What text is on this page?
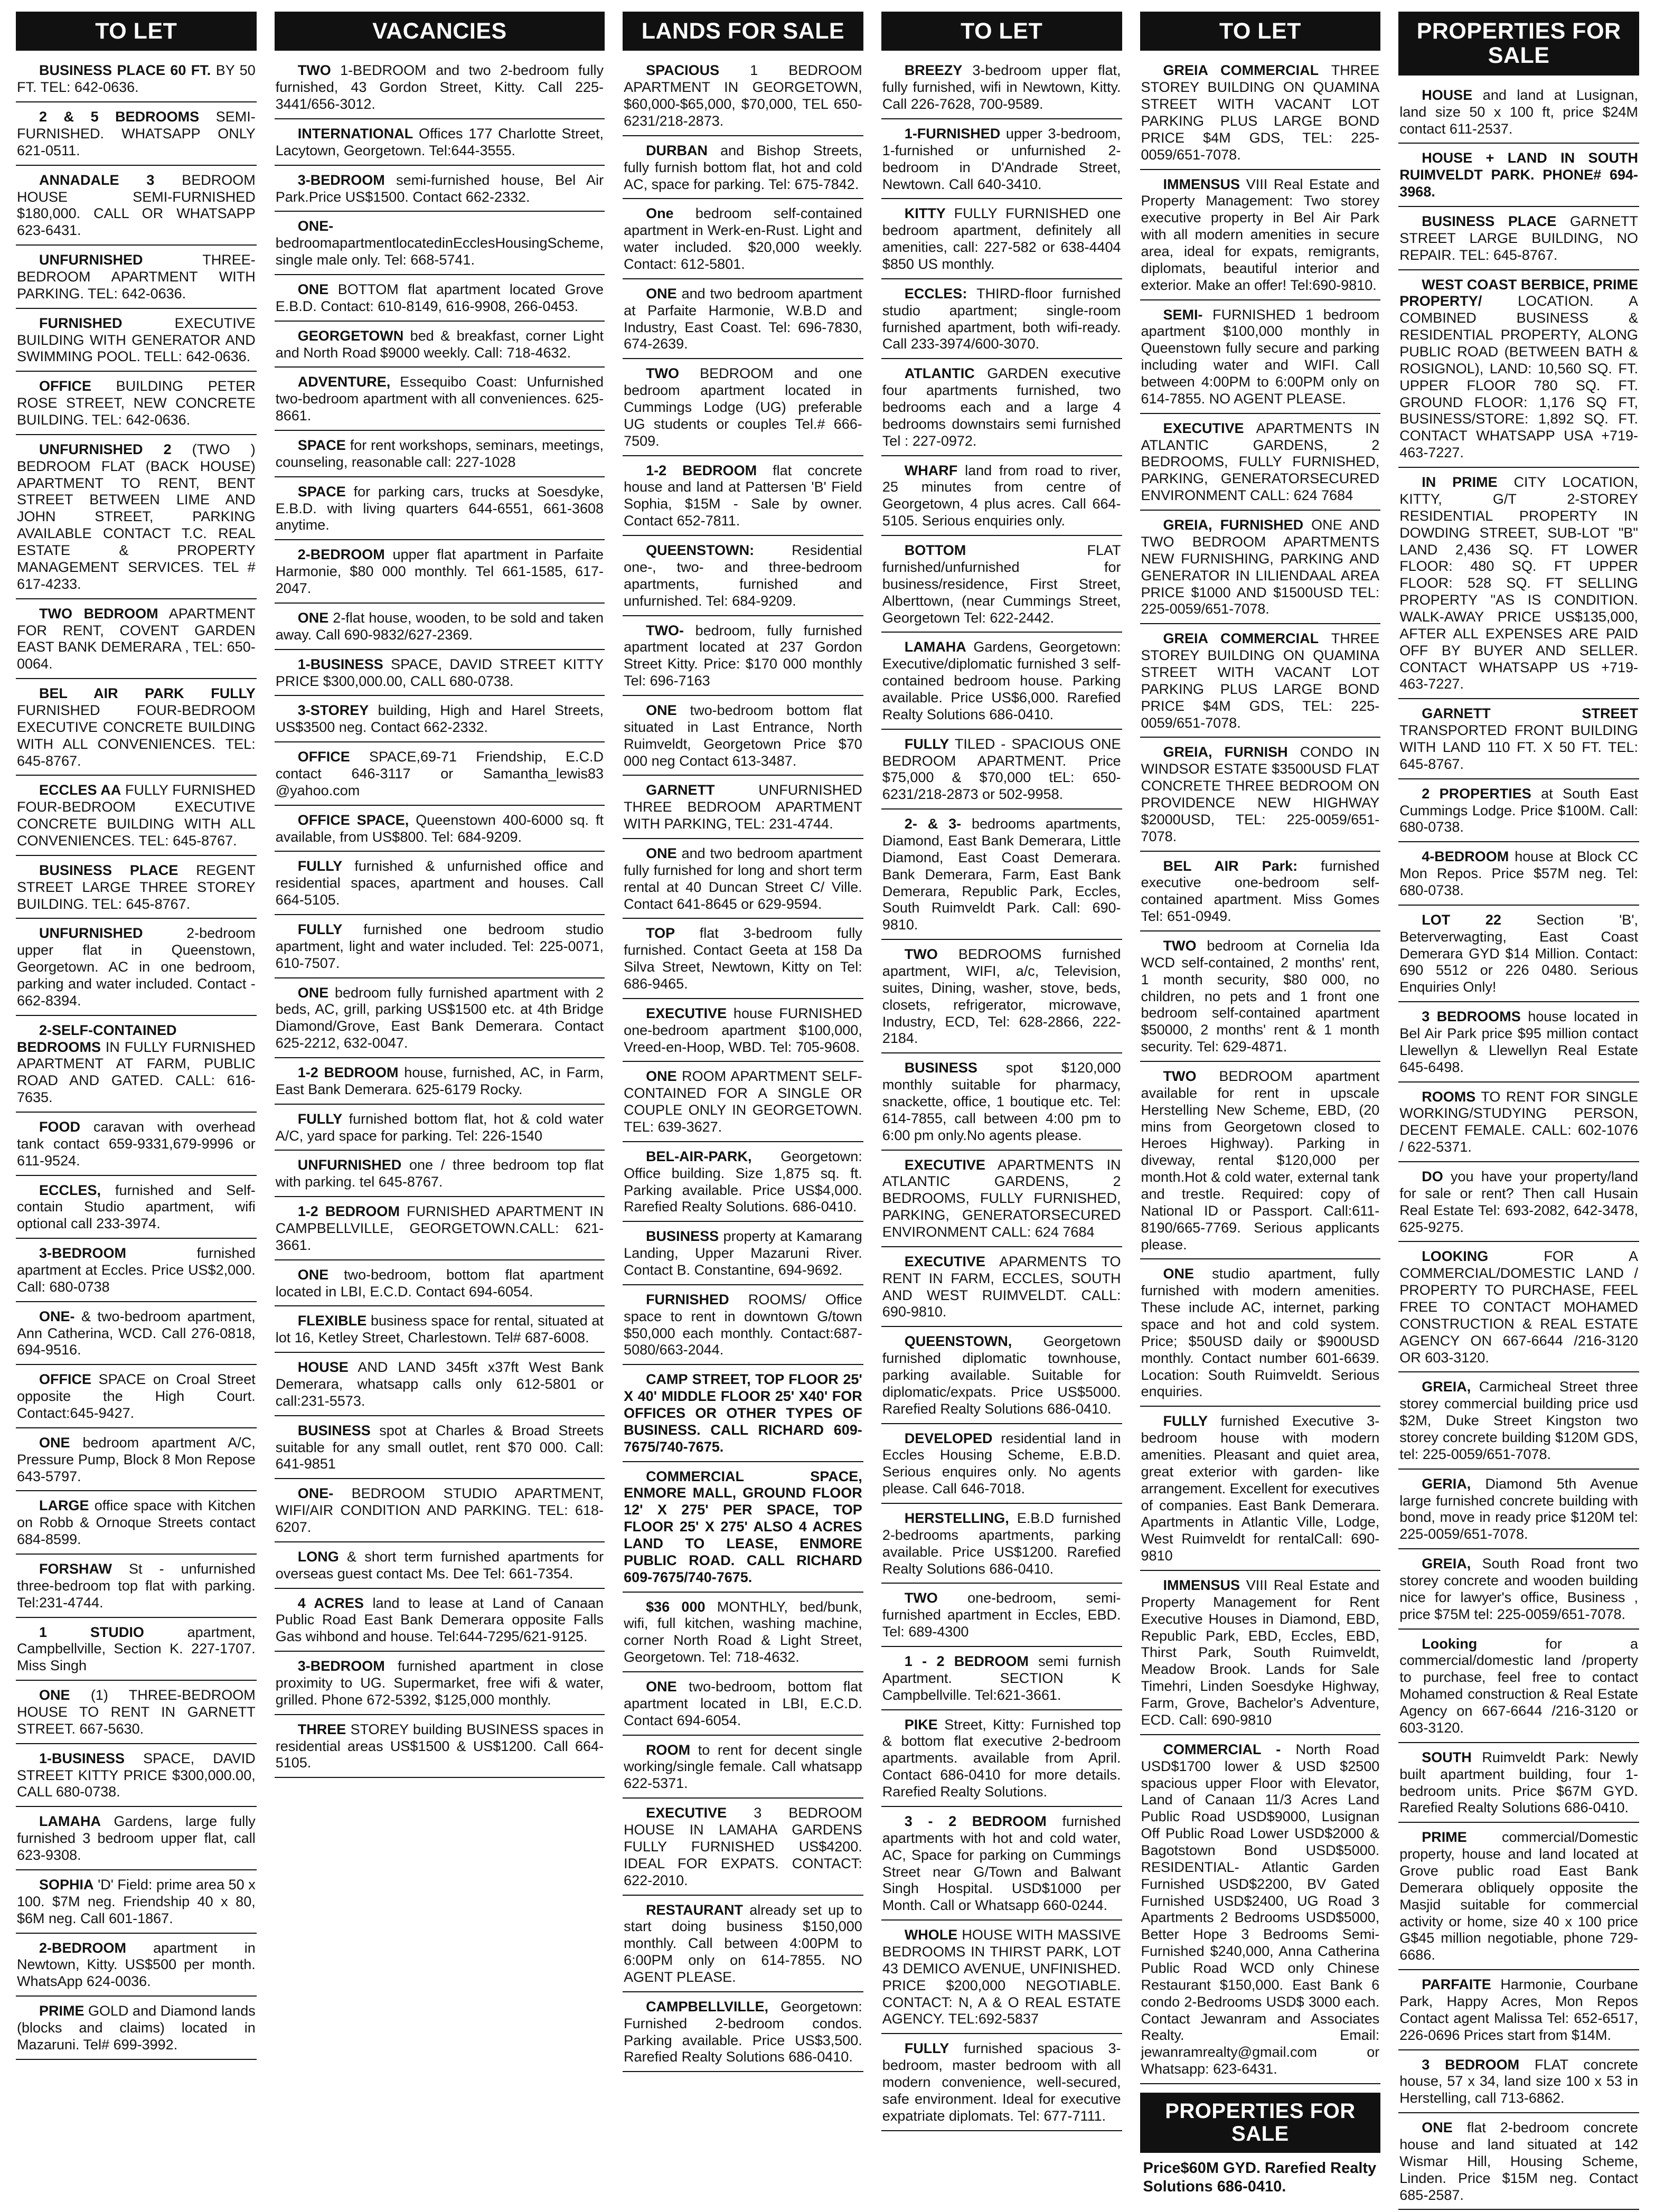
TO LET
BUSINESS PLACE 60 FT. BY 50 FT. TEL: 642-0636.
2 & 5 BEDROOMS SEMI-FURNISHED. WHATSAPP ONLY 621-0511.
ANNADALE 3 BEDROOM HOUSE SEMI-FURNISHED $180,000. CALL OR WHATSAPP 623-6431.
UNFURNISHED	THREE-BEDROOM APARTMENT WITH PARKING. TEL: 642-0636.
FURNISHED	EXECUTIVE BUILDING WITH GENERATOR AND SWIMMING POOL. TELL: 642-0636.
OFFICE BUILDING PETER ROSE STREET, NEW CONCRETE BUILDING. TEL: 642-0636.
UNFURNISHED 2 (TWO ) BEDROOM FLAT (BACK HOUSE) APARTMENT TO RENT, BENT STREET BETWEEN LIME AND JOHN STREET, PARKING AVAILABLE CONTACT T.C. REAL ESTATE & PROPERTY MANAGEMENT SERVICES. TEL # 617-4233.
TWO BEDROOM APARTMENT FOR RENT, COVENT GARDEN EAST BANK DEMERARA , TEL: 650-0064.
BEL AIR PARK FULLY FURNISHED FOUR-BEDROOM EXECUTIVE CONCRETE BUILDING WITH ALL CONVENIENCES. TEL: 645-8767.
ECCLES AA FULLY FURNISHED FOUR-BEDROOM EXECUTIVE CONCRETE BUILDING WITH ALL CONVENIENCES. TEL: 645-8767.
BUSINESS PLACE REGENT STREET LARGE THREE STOREY BUILDING. TEL: 645-8767.
UNFURNISHED	2-bedroom upper flat in Queenstown, Georgetown. AC in one bedroom, parking and water included. Contact - 662-8394.
2-SELF-CONTAINED BEDROOMS IN FULLY FURNISHED APARTMENT AT FARM, PUBLIC ROAD AND GATED. CALL: 616-7635.
FOOD caravan with overhead tank contact 659-9331,679-9996 or 611-9524.
ECCLES, furnished and Self-contain Studio apartment, wifi optional call 233-3974.
3-BEDROOM	furnished apartment at Eccles. Price US$2,000. Call: 680-0738
ONE- & two-bedroom apartment, Ann Catherina, WCD. Call 276-0818, 694-9516.
OFFICE SPACE on Croal Street opposite the High Court. Contact:645-9427.
ONE bedroom apartment A/C, Pressure Pump, Block 8 Mon Repose 643-5797.
LARGE office space with Kitchen on Robb & Ornoque Streets contact 684-8599.
FORSHAW St - unfurnished three-bedroom top flat with parking. Tel:231-4744.
1 STUDIO	apartment, Campbellville, Section K. 227-1707. Miss Singh
ONE (1) THREE-BEDROOM HOUSE TO RENT IN GARNETT STREET. 667-5630.
1-BUSINESS SPACE, DAVID STREET KITTY PRICE $300,000.00, CALL 680-0738.
LAMAHA Gardens, large fully furnished 3 bedroom upper flat, call 623-9308.
SOPHIA 'D' Field: prime area 50 x 100. $7M neg. Friendship 40 x 80, $6M neg. Call 601-1867.
2-BEDROOM apartment in Newtown, Kitty. US$500 per month. WhatsApp 624-0036.
PRIME GOLD and Diamond lands (blocks and claims) located in Mazaruni. Tel# 699-3992.
VACANCIES
TWO 1-BEDROOM and two 2-bedroom fully furnished, 43 Gordon Street, Kitty. Call 225- 3441/656-3012.
INTERNATIONAL Offices 177 Charlotte Street, Lacytown, Georgetown. Tel:644-3555.
3-BEDROOM semi-furnished house, Bel Air Park.Price US$1500. Contact 662-2332.
ONE- bedroomapartmentlocatedinEcclesHousingScheme, single male only. Tel: 668-5741.
ONE BOTTOM flat apartment located Grove E.B.D. Contact: 610-8149, 616-9908, 266-0453.
GEORGETOWN bed & breakfast, corner Light and North Road $9000 weekly. Call: 718-4632.
ADVENTURE, Essequibo Coast: Unfurnished two-bedroom apartment with all conveniences. 625-8661.
SPACE for rent workshops, seminars, meetings, counseling, reasonable call: 227-1028
SPACE for parking cars, trucks at Soesdyke, E.B.D. with living quarters 644-6551, 661-3608 anytime.
2-BEDROOM upper flat apartment in Parfaite Harmonie, $80 000 monthly. Tel 661-1585, 617-2047.
ONE 2-flat house, wooden, to be sold and taken away. Call 690-9832/627-2369.
1-BUSINESS SPACE, DAVID STREET KITTY PRICE $300,000.00, CALL 680-0738.
3-STOREY building, High and Harel Streets, US$3500 neg. Contact 662-2332.
OFFICE SPACE,69-71 Friendship, E.C.D contact 646-3117 or Samantha_lewis83 @yahoo.com
OFFICE SPACE, Queenstown 400-6000 sq. ft available, from US$800. Tel: 684-9209.
FULLY furnished & unfurnished office and residential spaces, apartment and houses. Call 664-5105.
FULLY furnished one bedroom studio apartment, light and water included. Tel: 225-0071, 610-7507.
ONE bedroom fully furnished apartment with 2 beds, AC, grill, parking US$1500 etc. at 4th Bridge Diamond/Grove, East Bank Demerara. Contact 625-2212, 632-0047.
1-2 BEDROOM house, furnished, AC, in Farm, East Bank Demerara. 625-6179 Rocky.
FULLY furnished bottom flat, hot & cold water A/C, yard space for parking. Tel: 226-1540
UNFURNISHED one / three bedroom top flat with parking. tel 645-8767.
1-2 BEDROOM FURNISHED APARTMENT IN CAMPBELLVILLE, GEORGETOWN.CALL: 621-3661.
ONE two-bedroom, bottom flat apartment located in LBI, E.C.D. Contact 694-6054.
FLEXIBLE business space for rental, situated at lot 16, Ketley Street, Charlestown. Tel# 687-6008.
HOUSE AND LAND 345ft x37ft West Bank Demerara, whatsapp calls only 612-5801 or call:231-5573.
BUSINESS spot at Charles & Broad Streets suitable for any small outlet, rent $70 000. Call: 641-9851
ONE- BEDROOM STUDIO APARTMENT, WIFI/AIR CONDITION AND PARKING. TEL: 618-6207.
LONG & short term furnished apartments for overseas guest contact Ms. Dee Tel: 661-7354.
4 ACRES land to lease at Land of Canaan Public Road East Bank Demerara opposite Falls Gas wihbond and house. Tel:644-7295/621-9125.
3-BEDROOM furnished apartment in close proximity to UG. Supermarket, free wifi & water, grilled. Phone 672-5392, $125,000 monthly.
THREE STOREY building BUSINESS spaces in residential areas US$1500 & US$1200. Call 664-5105.
LANDS FOR SALE
SPACIOUS 1 BEDROOM APARTMENT IN GEORGETOWN, $60,000-$65,000, $70,000, TEL 650-6231/218-2873.
DURBAN and Bishop Streets, fully furnish bottom flat, hot and cold AC, space for parking. Tel: 675-7842.
One bedroom self-contained apartment in Werk-en-Rust. Light and water included. $20,000 weekly. Contact: 612-5801.
ONE and two bedroom apartment at Parfaite Harmonie, W.B.D and Industry, East Coast. Tel: 696-7830, 674-2639.
TWO BEDROOM and one bedroom apartment located in Cummings Lodge (UG) preferable UG students or couples Tel.# 666-7509.
1-2 BEDROOM flat concrete house and land at Pattersen 'B' Field Sophia, $15M - Sale by owner. Contact 652-7811.
QUEENSTOWN:	Residential one-, two- and three-bedroom apartments, furnished and unfurnished. Tel: 684-9209.
TWO- bedroom, fully furnished apartment located at 237 Gordon Street Kitty. Price: $170 000 monthly Tel: 696-7163
ONE two-bedroom bottom flat situated in Last Entrance, North Ruimveldt, Georgetown Price $70 000 neg Contact 613-3487.
GARNETT	UNFURNISHED THREE BEDROOM APARTMENT WITH PARKING, TEL: 231-4744.
ONE and two bedroom apartment fully furnished for long and short term rental at 40 Duncan Street C/ Ville. Contact 641-8645 or 629-9594.
TOP flat 3-bedroom fully furnished. Contact Geeta at 158 Da Silva Street, Newtown, Kitty on Tel: 686-9465.
EXECUTIVE house FURNISHED one-bedroom apartment $100,000, Vreed-en-Hoop, WBD. Tel: 705-9608.
ONE ROOM APARTMENT SELF-CONTAINED FOR A SINGLE OR COUPLE ONLY IN GEORGETOWN. TEL: 639-3627.
BEL-AIR-PARK, Georgetown: Office building. Size 1,875 sq. ft. Parking available. Price US$4,000. Rarefied Realty Solutions. 686-0410.
BUSINESS property at Kamarang Landing, Upper Mazaruni River. Contact B. Constantine, 694-9692.
FURNISHED ROOMS/ Office space to rent in downtown G/town $50,000 each monthly. Contact:687-5080/663-2044.
CAMP STREET, TOP FLOOR 25' X 40' MIDDLE FLOOR 25' X40' FOR OFFICES OR OTHER TYPES OF BUSINESS. CALL RICHARD 609-7675/740-7675.
COMMERCIAL SPACE, ENMORE MALL, GROUND FLOOR 12' X 275' PER SPACE, TOP FLOOR 25' X 275' ALSO 4 ACRES LAND TO LEASE, ENMORE PUBLIC ROAD. CALL RICHARD 609-7675/740-7675.
$36 000 MONTHLY, bed/bunk, wifi, full kitchen, washing machine, corner North Road & Light Street, Georgetown. Tel: 718-4632.
ONE two-bedroom, bottom flat apartment located in LBI, E.C.D. Contact 694-6054.
ROOM to rent for decent single working/single female. Call whatsapp 622-5371.
EXECUTIVE 3 BEDROOM HOUSE IN LAMAHA GARDENS FULLY FURNISHED US$4200. IDEAL FOR EXPATS. CONTACT: 622-2010.
RESTAURANT already set up to start doing business $150,000 monthly. Call between 4:00PM to 6:00PM only on 614-7855. NO AGENT PLEASE.
CAMPBELLVILLE, Georgetown: Furnished 2-bedroom condos. Parking available. Price US$3,500. Rarefied Realty Solutions 686-0410.
TO LET
BREEZY 3-bedroom upper flat, fully furnished, wifi in Newtown, Kitty. Call 226-7628, 700-9589.
1-FURNISHED upper 3-bedroom, 1-furnished or unfurnished 2-bedroom in D'Andrade Street, Newtown. Call 640-3410.
KITTY FULLY FURNISHED one bedroom apartment, definitely all amenities, call: 227-582 or 638-4404 $850 US monthly.
ECCLES: THIRD-floor furnished studio apartment; single-room furnished apartment, both wifi-ready. Call 233-3974/600-3070.
ATLANTIC GARDEN executive four apartments furnished, two bedrooms each and a large 4 bedrooms downstairs semi furnished Tel : 227-0972.
WHARF land from road to river, 25 minutes from centre of Georgetown, 4 plus acres. Call 664-5105. Serious enquiries only.
BOTTOM	FLAT furnished/unfurnished for business/residence, First Street, Alberttown, (near Cummings Street, Georgetown Tel: 622-2442.
LAMAHA Gardens, Georgetown: Executive/diplomatic furnished 3 self-contained bedroom house. Parking available. Price US$6,000. Rarefied Realty Solutions 686-0410.
FULLY TILED - SPACIOUS ONE BEDROOM APARTMENT. Price $75,000 & $70,000 tEL: 650-6231/218-2873 or 502-9958.
2- & 3- bedrooms apartments, Diamond, East Bank Demerara, Little Diamond, East Coast Demerara. Bank Demerara, Farm, East Bank Demerara, Republic Park, Eccles, South Ruimveldt Park. Call: 690-9810.
TWO BEDROOMS furnished apartment, WIFI, a/c, Television, suites, Dining, washer, stove, beds, closets, refrigerator, microwave, Industry, ECD, Tel: 628-2866, 222-2184.
BUSINESS spot $120,000 monthly suitable for pharmacy, snackette, office, 1 boutique etc. Tel: 614-7855, call between 4:00 pm to 6:00 pm only.No agents please.
EXECUTIVE APARTMENTS IN ATLANTIC GARDENS, 2 BEDROOMS, FULLY FURNISHED, PARKING, GENERATORSECURED ENVIRONMENT CALL: 624 7684
EXECUTIVE APARMENTS TO RENT IN FARM, ECCLES, SOUTH AND WEST RUIMVELDT. CALL: 690-9810.
QUEENSTOWN, Georgetown furnished diplomatic townhouse, parking available. Suitable for diplomatic/expats. Price US$5000. Rarefied Realty Solutions 686-0410.
DEVELOPED residential land in Eccles Housing Scheme, E.B.D. Serious enquires only. No agents please. Call 646-7018.
HERSTELLING, E.B.D furnished 2-bedrooms apartments, parking available. Price US$1200. Rarefied Realty Solutions 686-0410.
TWO one-bedroom, semi-furnished apartment in Eccles, EBD. Tel: 689-4300
1 - 2 BEDROOM semi furnish Apartment. SECTION K Campbellville. Tel:621-3661.
PIKE Street, Kitty: Furnished top & bottom flat executive 2-bedroom apartments. available from April. Contact 686-0410 for more details. Rarefied Realty Solutions.
3 - 2 BEDROOM furnished apartments with hot and cold water, AC, Space for parking on Cummings Street near G/Town and Balwant Singh Hospital. USD$1000 per Month. Call or Whatsapp 660-0244.
WHOLE HOUSE WITH MASSIVE BEDROOMS IN THIRST PARK, LOT 43 DEMICO AVENUE, UNFINISHED. PRICE $200,000 NEGOTIABLE. CONTACT: N, A & O REAL ESTATE AGENCY. TEL:692-5837
FULLY furnished spacious 3-bedroom, master bedroom with all modern convenience, well-secured, safe environment. Ideal for executive expatriate diplomats. Tel: 677-7111.
TO LET
GREIA COMMERCIAL THREE STOREY BUILDING ON QUAMINA STREET WITH VACANT LOT PARKING PLUS LARGE BOND PRICE $4M GDS, TEL: 225-0059/651-7078.
IMMENSUS VIII Real Estate and Property Management: Two storey executive property in Bel Air Park with all modern amenities in secure area, ideal for expats, remigrants, diplomats, beautiful interior and exterior. Make an offer! Tel:690-9810.
SEMI- FURNISHED 1 bedroom apartment $100,000 monthly in Queenstown fully secure and parking including water and WIFI. Call between 4:00PM to 6:00PM only on 614-7855. NO AGENT PLEASE.
EXECUTIVE APARTMENTS IN ATLANTIC GARDENS, 2 BEDROOMS, FULLY FURNISHED, PARKING, GENERATORSECURED ENVIRONMENT CALL: 624 7684
GREIA, FURNISHED ONE AND TWO BEDROOM APARTMENTS NEW FURNISHING, PARKING AND GENERATOR IN LILIENDAAL AREA PRICE $1000 AND $1500USD TEL: 225-0059/651-7078.
GREIA COMMERCIAL THREE STOREY BUILDING ON QUAMINA STREET WITH VACANT LOT PARKING PLUS LARGE BOND PRICE $4M GDS, TEL: 225-0059/651-7078.
GREIA, FURNISH CONDO IN WINDSOR ESTATE $3500USD FLAT CONCRETE THREE BEDROOM ON PROVIDENCE NEW HIGHWAY $2000USD, TEL: 225-0059/651-7078.
BEL AIR Park: furnished executive one-bedroom self-contained apartment. Miss Gomes Tel: 651-0949.
TWO bedroom at Cornelia Ida WCD self-contained, 2 months' rent, 1 month security, $80 000, no children, no pets and 1 front one bedroom self-contained apartment $50000, 2 months' rent & 1 month security. Tel: 629-4871.
TWO BEDROOM apartment available for rent in upscale Herstelling New Scheme, EBD, (20 mins from Georgetown closed to Heroes Highway). Parking in diveway, rental $120,000 per month.Hot & cold water, external tank and trestle. Required: copy of National ID or Passport. Call:611-8190/665-7769. Serious applicants please.
ONE studio apartment, fully furnished with modern amenities. These include AC, internet, parking space and hot and cold system. Price; $50USD daily or $900USD monthly. Contact number 601-6639. Location: South Ruimveldt. Serious enquiries.
FULLY furnished Executive 3-bedroom house with modern amenities. Pleasant and quiet area, great exterior with garden- like arrangement. Excellent for executives of companies. East Bank Demerara. Apartments in Atlantic Ville, Lodge, West Ruimveldt for rentalCall: 690-9810
IMMENSUS VIII Real Estate and Property Management for Rent Executive Houses in Diamond, EBD, Republic Park, EBD, Eccles, EBD, Thirst Park, South Ruimveldt, Meadow Brook. Lands for Sale Timehri, Linden Soesdyke Highway, Farm, Grove, Bachelor's Adventure, ECD. Call: 690-9810
COMMERCIAL - North Road USD$1700 lower & USD $2500 spacious upper Floor with Elevator, Land of Canaan 11/3 Acres Land Public Road USD$9000, Lusignan Off Public Road Lower USD$2000 & Bagotstown Bond USD$5000. RESIDENTIAL- Atlantic Garden Furnished USD$2200, BV Gated Furnished USD$2400, UG Road 3 Apartments 2 Bedrooms USD$5000, Better Hope 3 Bedrooms Semi-Furnished $240,000, Anna Catherina Public Road WCD only Chinese Restaurant $150,000. East Bank 6 condo 2-Bedrooms USD$ 3000 each. Contact Jewanram and Associates Realty. Email: jewanramrealty@gmail.com or Whatsapp: 623-6431.
PROPERTIES FOR SALE
Price$60M GYD. Rarefied Realty Solutions 686-0410.
PROPERTIES FOR SALE
HOUSE and land at Lusignan, land size 50 x 100 ft, price $24M contact 611-2537.
HOUSE + LAND IN SOUTH RUIMVELDT PARK. PHONE# 694-3968.
BUSINESS PLACE GARNETT STREET LARGE BUILDING, NO REPAIR. TEL: 645-8767.
WEST COAST BERBICE, PRIME PROPERTY/	LOCATION. A COMBINED BUSINESS & RESIDENTIAL PROPERTY, ALONG PUBLIC ROAD (BETWEEN BATH & ROSIGNOL), LAND: 10,560 SQ. FT. UPPER FLOOR 780 SQ. FT. GROUND FLOOR: 1,176 SQ FT, BUSINESS/STORE: 1,892 SQ. FT. CONTACT WHATSAPP USA +719-463-7227.
IN PRIME CITY LOCATION, KITTY, G/T 2-STOREY RESIDENTIAL PROPERTY IN DOWDING STREET, SUB-LOT "B" LAND 2,436 SQ. FT LOWER FLOOR: 480 SQ. FT UPPER FLOOR: 528 SQ. FT SELLING PROPERTY "AS IS CONDITION. WALK-AWAY PRICE US$135,000, AFTER ALL EXPENSES ARE PAID OFF BY BUYER AND SELLER. CONTACT WHATSAPP US +719-463-7227.
GARNETT STREET TRANSPORTED FRONT BUILDING WITH LAND 110 FT. X 50 FT. TEL: 645-8767.
2 PROPERTIES at South East Cummings Lodge. Price $100M. Call: 680-0738.
4-BEDROOM house at Block CC Mon Repos. Price $57M neg. Tel: 680-0738.
LOT 22 Section 'B', Beterverwagting, East Coast Demerara GYD $14 Million. Contact: 690 5512 or 226 0480. Serious Enquiries Only!
3 BEDROOMS house located in Bel Air Park price $95 million contact Llewellyn & Llewellyn Real Estate 645-6498.
ROOMS TO RENT FOR SINGLE WORKING/STUDYING PERSON, DECENT FEMALE. CALL: 602-1076 / 622-5371.
DO you have your property/land for sale or rent? Then call Husain Real Estate Tel: 693-2082, 642-3478, 625-9275.
LOOKING	FOR A COMMERCIAL/DOMESTIC LAND / PROPERTY TO PURCHASE, FEEL FREE TO CONTACT MOHAMED CONSTRUCTION & REAL ESTATE AGENCY ON 667-6644 /216-3120 OR 603-3120.
GREIA, Carmicheal Street three storey commercial building price usd $2M, Duke Street Kingston two storey concrete building $120M GDS, tel: 225-0059/651-7078.
GERIA, Diamond 5th Avenue large furnished concrete building with bond, move in ready price $120M tel: 225-0059/651-7078.
GREIA, South Road front two storey concrete and wooden building nice for lawyer's office, Business , price $75M tel: 225-0059/651-7078.
Looking	for a commercial/domestic land /property to purchase, feel free to contact Mohamed construction & Real Estate Agency on 667-6644 /216-3120 or 603-3120.
SOUTH Ruimveldt Park: Newly built apartment building, four 1-bedroom units. Price $67M GYD. Rarefied Realty Solutions 686-0410.
PRIME commercial/Domestic property, house and land located at Grove public road East Bank Demerara obliquely opposite the Masjid suitable for commercial activity or home, size 40 x 100 price G$45 million negotiable, phone 729-6686.
PARFAITE Harmonie, Courbane Park, Happy Acres, Mon Repos Contact agent Malissa Tel: 652-6517, 226-0696 Prices start from $14M.
3 BEDROOM FLAT concrete house, 57 x 34, land size 100 x 53 in Herstelling, call 713-6862.
ONE flat 2-bedroom concrete house and land situated at 142 Wismar Hill, Housing Scheme, Linden. Price $15M neg. Contact 685-2587.
